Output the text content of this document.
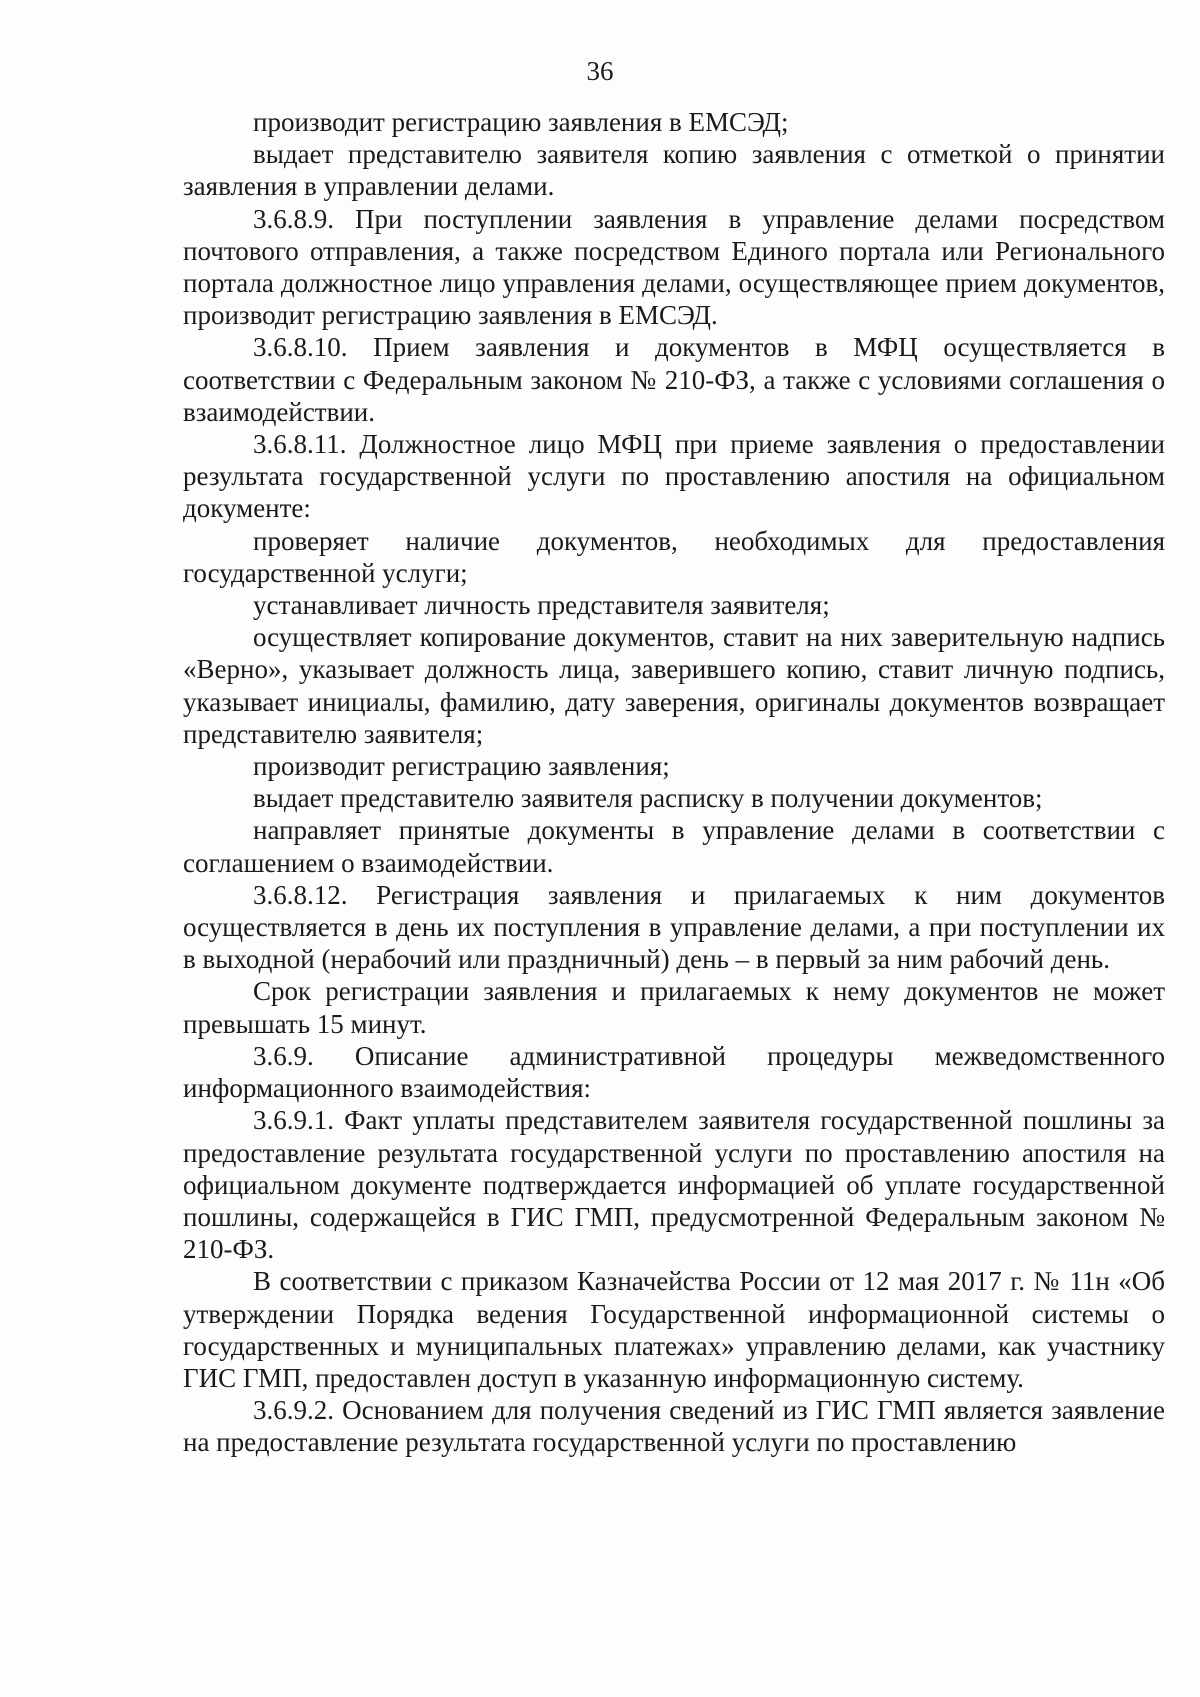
36

производит регистрацию заявления в ЕМСЭД;

выдает представителю заявителя копию заявления с отметкой о принятии заявления в управлении делами.

3.6.8.9. При поступлении заявления в управление делами посредством почтового отправления, а также посредством Единого портала или Регионального портала должностное лицо управления делами, осуществляющее прием документов, производит регистрацию заявления в ЕМСЭД.

3.6.8.10. Прием заявления и документов в МФЦ осуществляется в соответствии с Федеральным законом № 210-ФЗ, а также с условиями соглашения о взаимодействии.

3.6.8.11. Должностное лицо МФЦ при приеме заявления о предоставлении результата государственной услуги по проставлению апостиля на официальном документе:

проверяет наличие документов, необходимых для предоставления государственной услуги;

устанавливает личность представителя заявителя;

осуществляет копирование документов, ставит на них заверительную надпись «Верно», указывает должность лица, заверившего копию, ставит личную подпись, указывает инициалы, фамилию, дату заверения, оригиналы документов возвращает представителю заявителя;

производит регистрацию заявления;

выдает представителю заявителя расписку в получении документов;

направляет принятые документы в управление делами в соответствии с соглашением о взаимодействии.

3.6.8.12. Регистрация заявления и прилагаемых к ним документов осуществляется в день их поступления в управление делами, а при поступлении их в выходной (нерабочий или праздничный) день – в первый за ним рабочий день.

Срок регистрации заявления и прилагаемых к нему документов не может превышать 15 минут.

3.6.9. Описание административной процедуры межведомственного информационного взаимодействия:

3.6.9.1. Факт уплаты представителем заявителя государственной пошлины за предоставление результата государственной услуги по проставлению апостиля на официальном документе подтверждается информацией об уплате государственной пошлины, содержащейся в ГИС ГМП, предусмотренной Федеральным законом № 210-ФЗ.

В соответствии с приказом Казначейства России от 12 мая 2017 г. № 11н «Об утверждении Порядка ведения Государственной информационной системы о государственных и муниципальных платежах» управлению делами, как участнику ГИС ГМП, предоставлен доступ в указанную информационную систему.

3.6.9.2. Основанием для получения сведений из ГИС ГМП является заявление на предоставление результата государственной услуги по проставлению
